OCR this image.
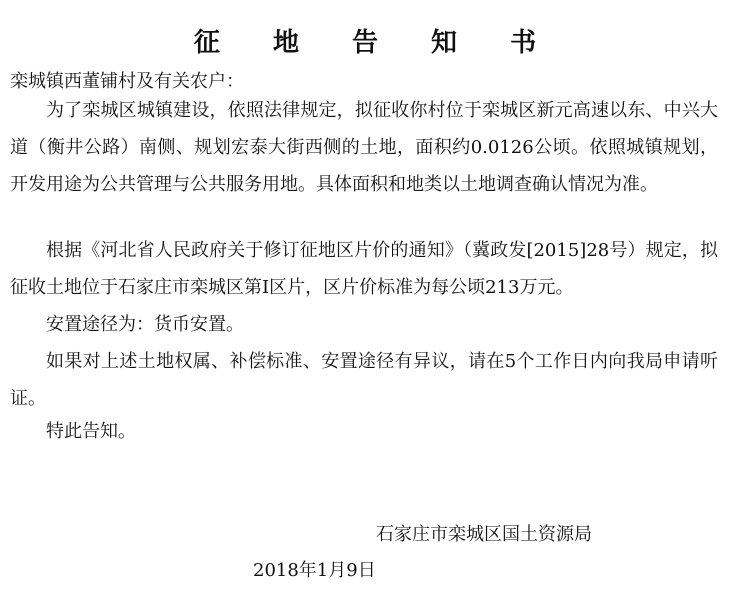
征 地 告 知 书
栾城镇西董铺村及有关农户：

为了栾城区城镇建设，依照法律规定，拟征收你村位于栾城区新元高速以东、中兴大道（衡井公路）南侧、规划宏泰大街西侧的土地，面积约0.0126公顷。依照城镇规划，开发用途为公共管理与公共服务用地。具体面积和地类以土地调查确认情况为准。

根据《河北省人民政府关于修订征地区片价的通知》（冀政发[2015]28号）规定，拟征收土地位于石家庄市栾城区第Ⅰ区片，区片价标准为每公顷213万元。

安置途径为：货币安置。

如果对上述土地权属、补偿标准、安置途径有异议，请在5个工作日内向我局申请听证。

特此告知。

石家庄市栾城区国土资源局
2018年1月9日
